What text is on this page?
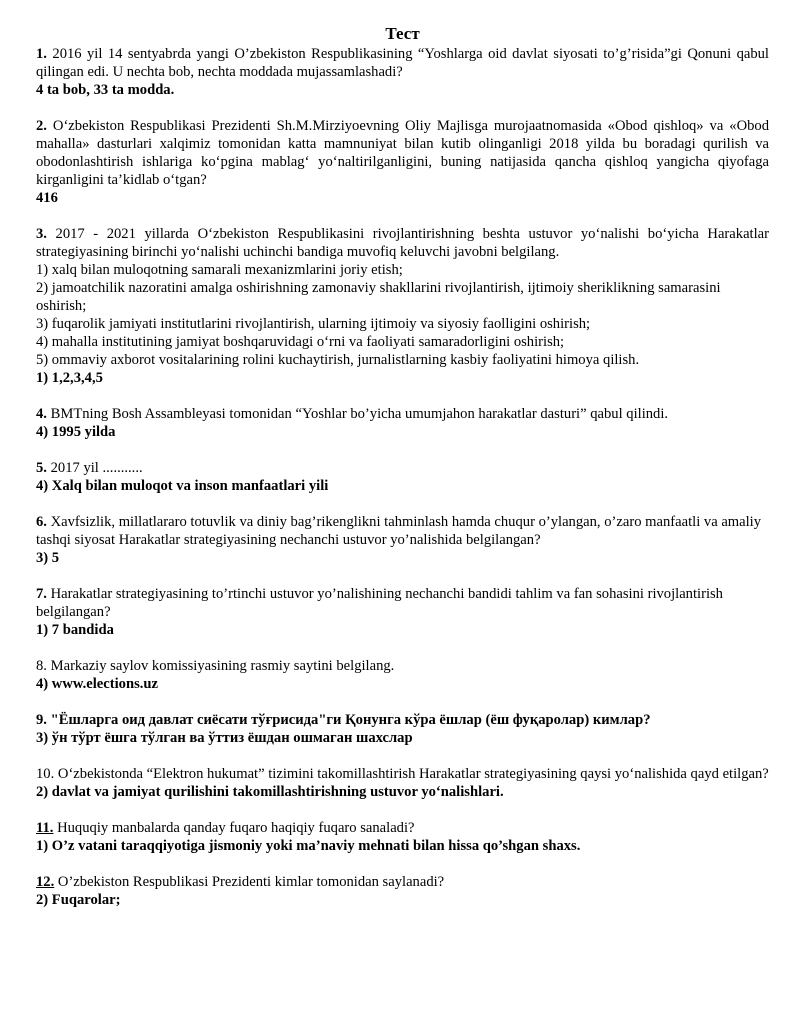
Тест

1. 2016 yil 14 sentyabrda yangi O’zbekiston Respublikasining “Yoshlarga oid davlat siyosati to’g’risida”gi Qonuni qabul qilingan edi. U nechta bob, nechta moddada mujassamlashadi?

4 ta bob, 33 ta modda.

2. O‘zbekiston Respublikasi Prezidenti Sh.M.Mirziyoevning Oliy Majlisga murojaatnomasida «Obod qishloq» va «Obod mahalla» dasturlari xalqimiz tomonidan katta mamnuniyat bilan kutib olinganligi 2018 yilda bu boradagi qurilish va obodonlashtirish ishlariga ko‘pgina mablag‘ yo‘naltirilganligini, buning natijasida qancha qishloq yangicha qiyofaga kirganligini ta’kidlab o‘tgan?

416

3. 2017 - 2021 yillarda O‘zbekiston Respublikasini rivojlantirishning beshta ustuvor yo‘nalishi bo‘yicha Harakatlar strategiyasining birinchi yo‘nalishi uchinchi bandiga muvofiq keluvchi javobni belgilang.

1) xalq bilan muloqotning samarali mexanizmlarini joriy etish;

2) jamoatchilik nazoratini amalga oshirishning zamonaviy shakllarini rivojlantirish, ijtimoiy sheriklikning samarasini oshirish;

3) fuqarolik jamiyati institutlarini rivojlantirish, ularning ijtimoiy va siyosiy faolligini oshirish;

4) mahalla institutining jamiyat boshqaruvidagi o‘rni va faoliyati samaradorligini oshirish;

5) ommaviy axborot vositalarining rolini kuchaytirish, jurnalistlarning kasbiy faoliyatini himoya qilish.

1) 1,2,3,4,5

4. BMTning Bosh Assambleyasi tomonidan “Yoshlar bo’yicha umumjahon harakatlar dasturi” qabul qilindi.

4) 1995 yilda

5. 2017 yil ...........

4) Xalq bilan muloqot va inson manfaatlari yili

6. Xavfsizlik, millatlararo totuvlik va diniy bag’rikenglikni tahminlash hamda chuqur o’ylangan, o’zaro manfaatli va amaliy tashqi siyosat Harakatlar strategiyasining nechanchi ustuvor yo’nalishida belgilangan?

3) 5

7. Harakatlar strategiyasining to’rtinchi ustuvor yo’nalishining nechanchi bandidi tahlim va fan sohasini rivojlantirish belgilangan?

1) 7 bandida

8. Markaziy saylov komissiyasining rasmiy saytini belgilang.

4) www.elections.uz

9. "Ёшларга оид давлат сиёсати тўғрисида"ги Қонунга кўра ёшлар (ёш фуқаролар) кимлар?

3) ўн тўрт ёшга тўлган ва ўттиз ёшдан ошмаган шахслар

10. O‘zbekistonda “Elektron hukumat” tizimini takomillashtirish Harakatlar strategiyasining qaysi yo‘nalishida qayd etilgan?

2) davlat va jamiyat qurilishini takomillashtirishning ustuvor yo‘nalishlari.

11. Huquqiy manbalarda qanday fuqaro haqiqiy fuqaro sanaladi?

1) O’z vatani taraqqiyotiga jismoniy yoki ma’naviy mehnati bilan hissa qo’shgan shaxs.

12. O’zbekiston Respublikasi Prezidenti kimlar tomonidan saylanadi?

2) Fuqarolar;
